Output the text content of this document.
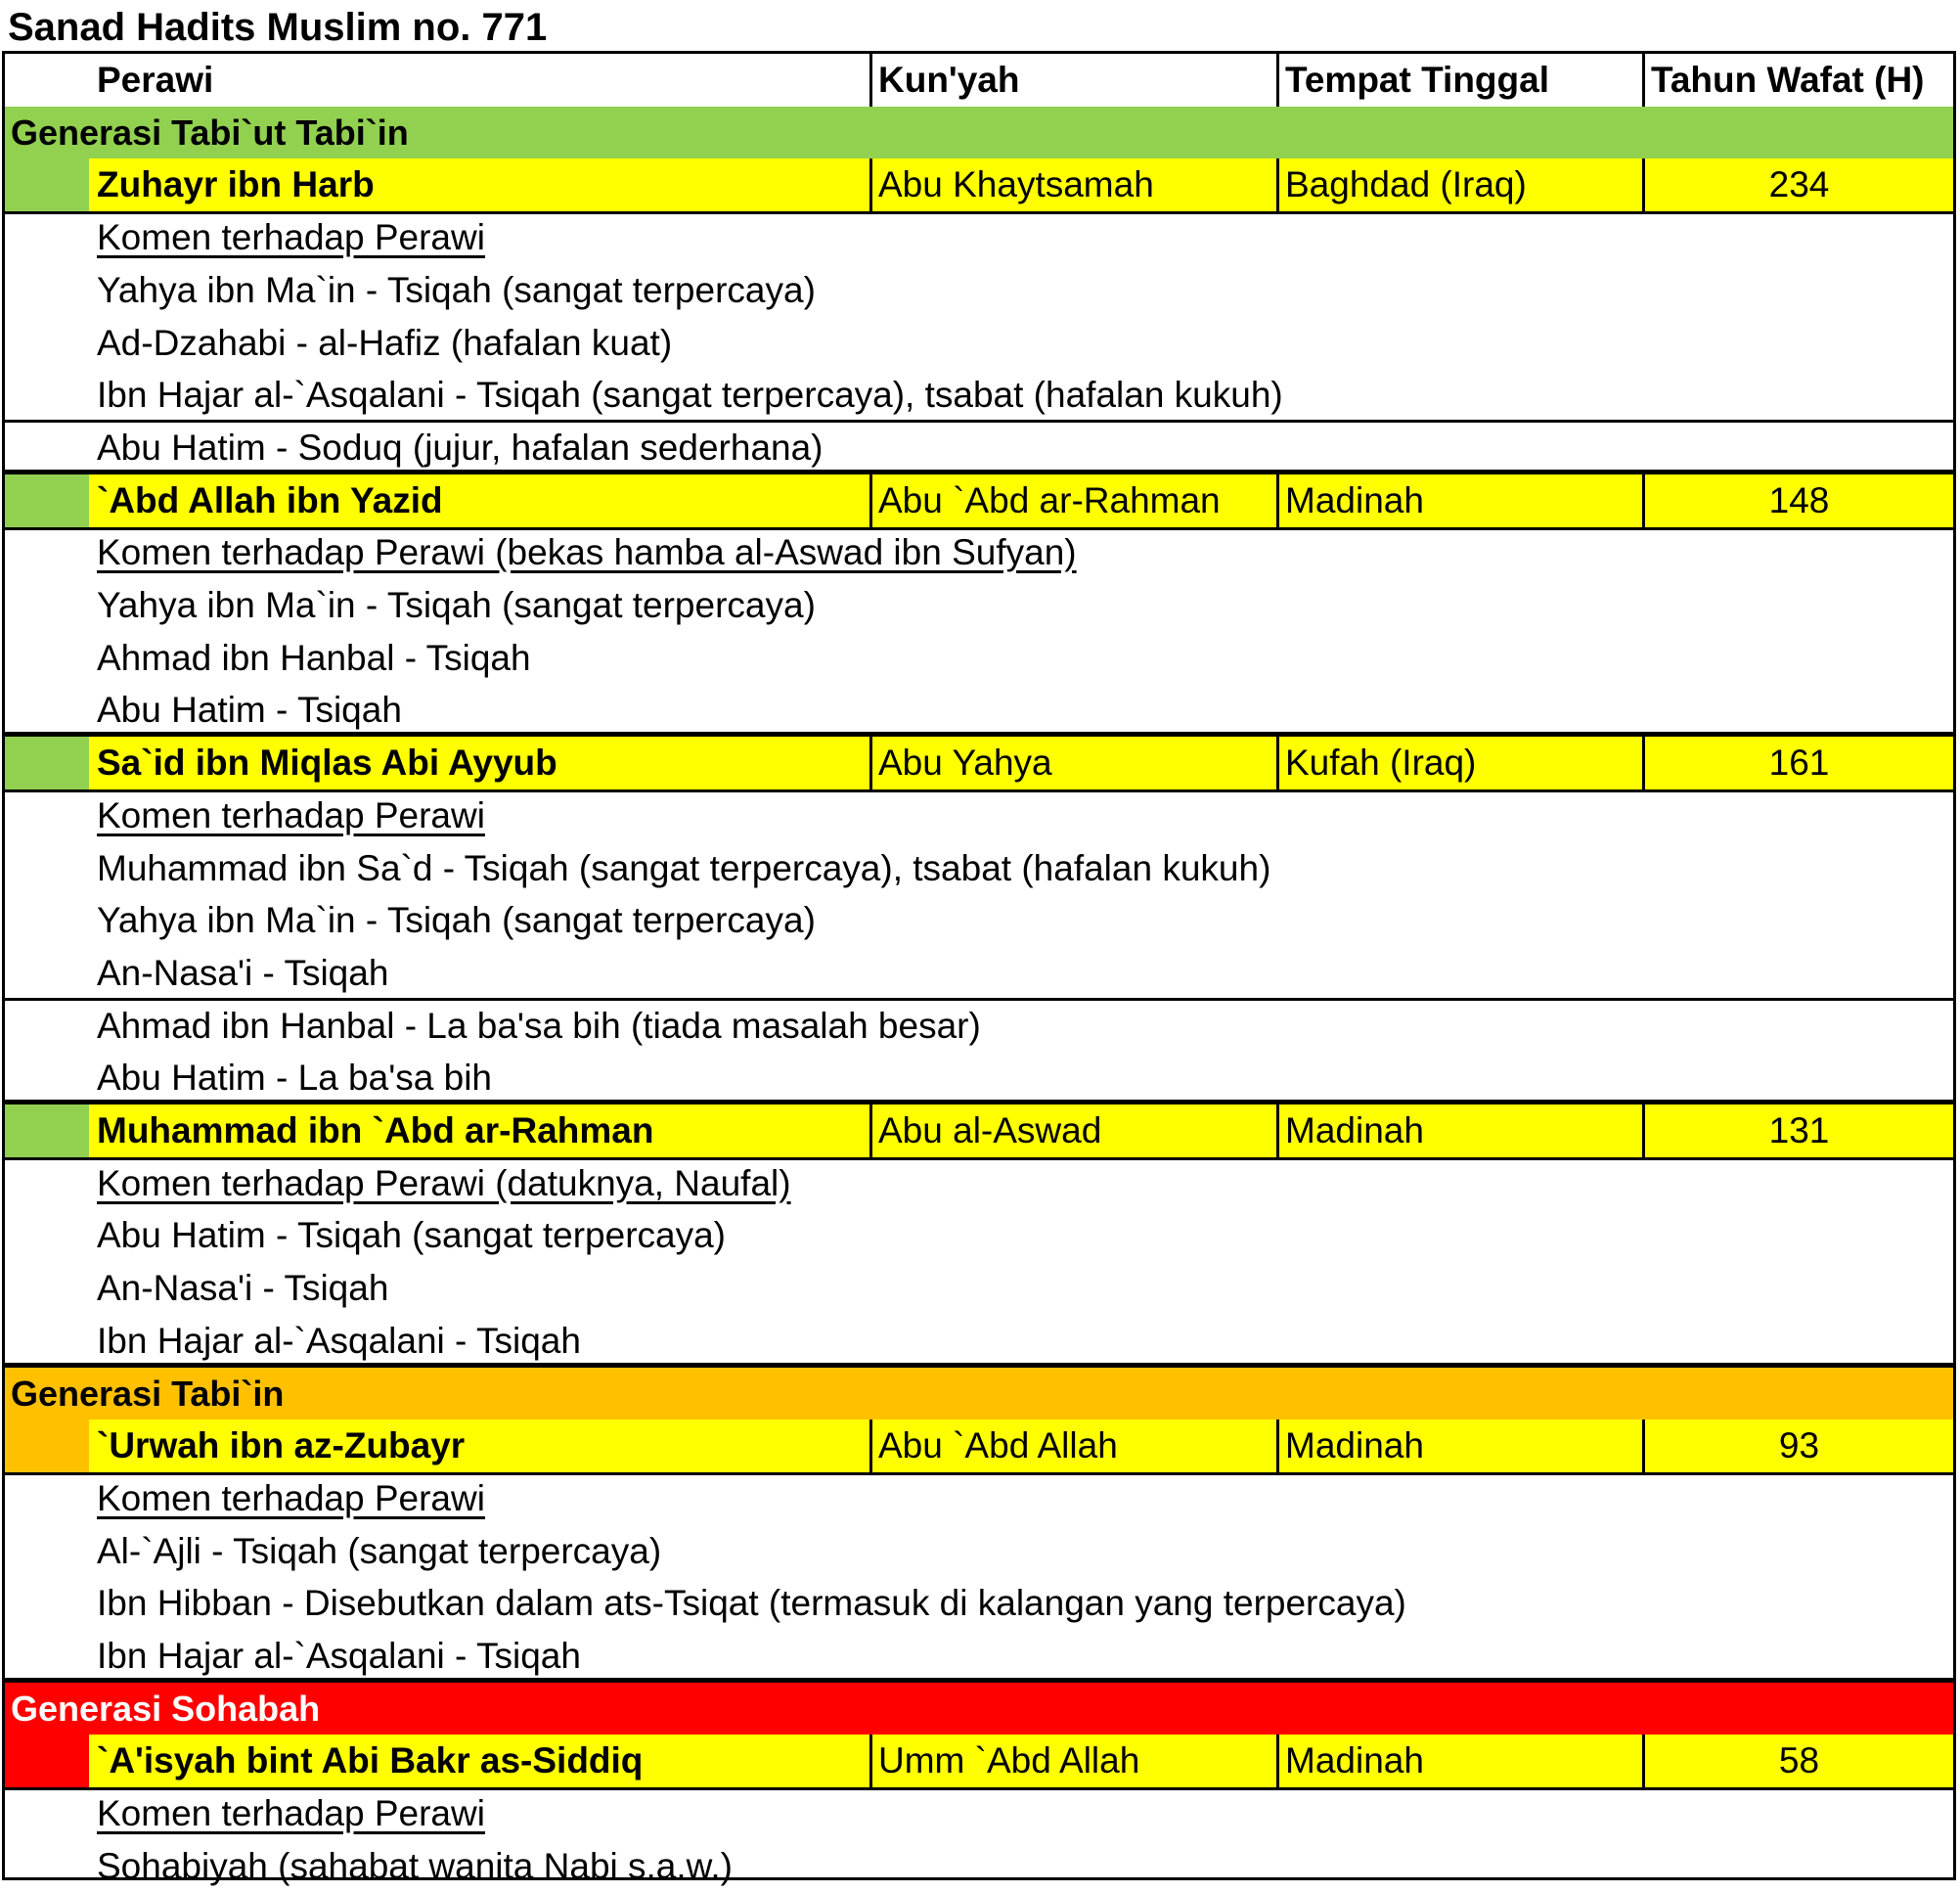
Sanad Hadits Muslim no. 771
Perawi	Kun'yah	Tempat Tinggal	Tahun Wafat (H)
Generasi Tabi`ut Tabi`in
Zuhayr ibn Harb	Abu Khaytsamah	Baghdad (Iraq)	234
Komen terhadap Perawi
Yahya ibn Ma`in - Tsiqah (sangat terpercaya)
Ad-Dzahabi - al-Hafiz (hafalan kuat)
Ibn Hajar al-`Asqalani - Tsiqah (sangat terpercaya), tsabat (hafalan kukuh)
Abu Hatim - Soduq (jujur, hafalan sederhana)
`Abd Allah ibn Yazid	Abu `Abd ar-Rahman	Madinah	148
Komen terhadap Perawi (bekas hamba al-Aswad ibn Sufyan)
Yahya ibn Ma`in - Tsiqah (sangat terpercaya)
Ahmad ibn Hanbal - Tsiqah
Abu Hatim - Tsiqah
Sa`id ibn Miqlas Abi Ayyub	Abu Yahya	Kufah (Iraq)	161
Komen terhadap Perawi
Muhammad ibn Sa`d - Tsiqah (sangat terpercaya), tsabat (hafalan kukuh)
Yahya ibn Ma`in - Tsiqah (sangat terpercaya)
An-Nasa'i - Tsiqah
Ahmad ibn Hanbal - La ba'sa bih (tiada masalah besar)
Abu Hatim - La ba'sa bih
Muhammad ibn `Abd ar-Rahman	Abu al-Aswad	Madinah	131
Komen terhadap Perawi (datuknya, Naufal)
Abu Hatim - Tsiqah (sangat terpercaya)
An-Nasa'i - Tsiqah
Ibn Hajar al-`Asqalani - Tsiqah
Generasi Tabi`in
`Urwah ibn az-Zubayr	Abu `Abd Allah	Madinah	93
Komen terhadap Perawi
Al-`Ajli - Tsiqah (sangat terpercaya)
Ibn Hibban - Disebutkan dalam ats-Tsiqat (termasuk di kalangan yang terpercaya)
Ibn Hajar al-`Asqalani - Tsiqah
Generasi Sohabah
`A'isyah bint Abi Bakr as-Siddiq	Umm `Abd Allah	Madinah	58
Komen terhadap Perawi
Sohabiyah (sahabat wanita Nabi s.a.w.)
